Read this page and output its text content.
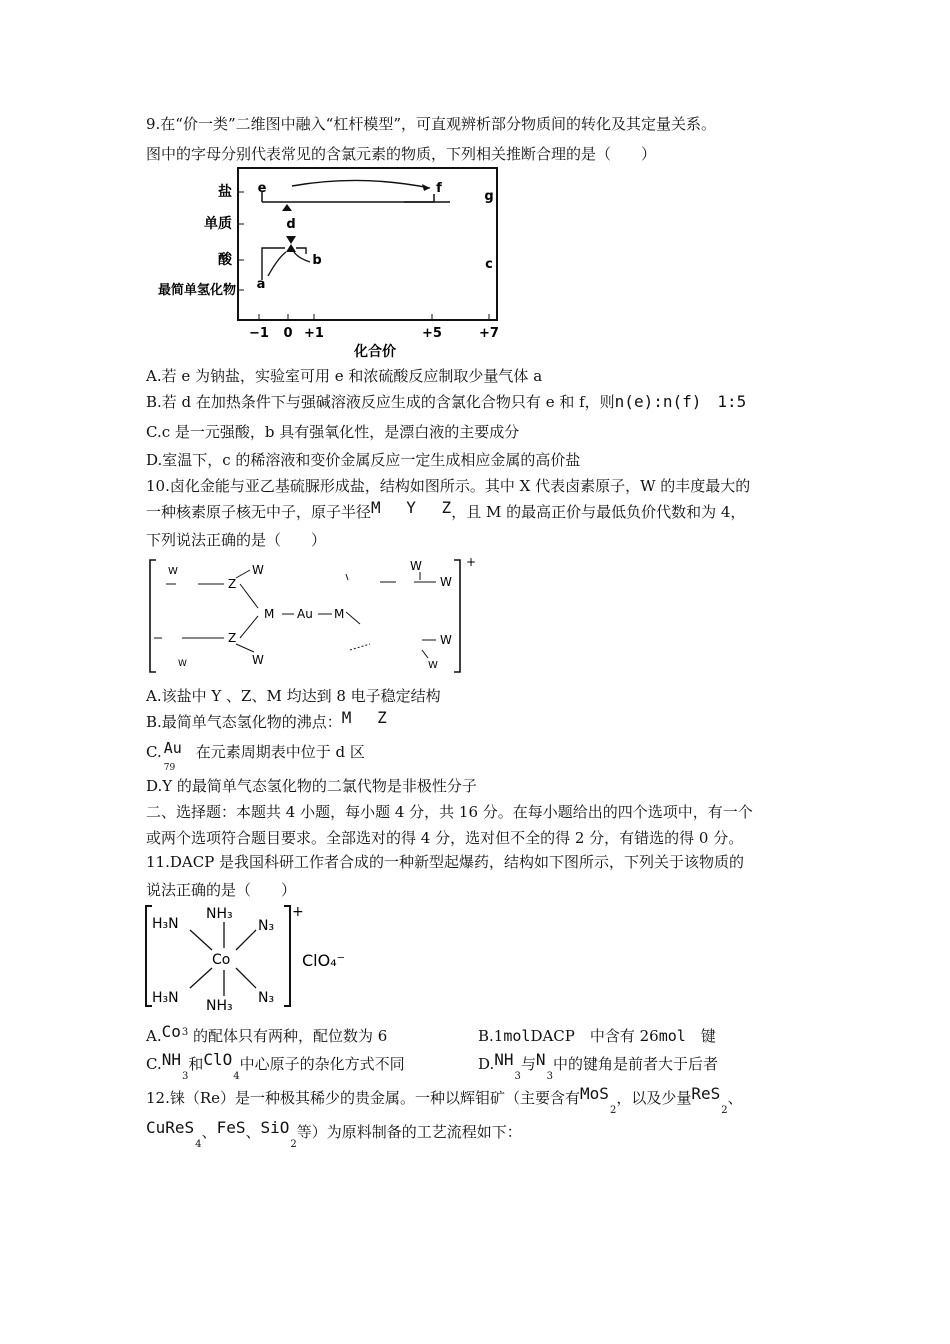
9.在“价一类”二维图中融入“杠杆模型”，可直观辨析部分物质间的转化及其定量关系。
图中的字母分别代表常见的含氯元素的物质，下列相关推断合理的是（　　）
盐
单质
酸
最简单氢化物
−1 0 +1	+5	+7
化合价
e	f
g
d
b	c
a
A.若 e 为钠盐，实验室可用 e 和浓硫酸反应制取少量气体 a
B.若 d 在加热条件下与强碱溶液反应生成的含氯化合物只有 e 和 f，则n(e):n(f)　1:5
C.c 是一元强酸，b 具有强氧化性，是漂白液的主要成分
D.室温下，c 的稀溶液和变价金属反应一定生成相应金属的高价盐
10.卤化金能与亚乙基硫脲形成盐，结构如图所示。其中 X 代表卤素原子，W 的丰度最大的
一种核素原子核无中子，原子半径M　 Y　 Z，且 M 的最高正价与最低负价代数和为 4，
下列说法正确的是（　　）
+
W
W
Z
M Au M
W
W
Z
W
W
W
W
A.该盐中 Y 、Z、M 均达到 8 电子稳定结构
B.最简单气态氢化物的沸点：M　 Z
C. Au
79
在元素周期表中位于 d 区
D.Y 的最简单气态氢化物的二氯代物是非极性分子
二、选择题：本题共 4 小题，每小题 4 分，共 16 分。在每小题给出的四个选项中，有一个
或两个选项符合题目要求。全部选对的得 4 分，选对但不全的得 2 分，有错选的得 0 分。
11.DACP 是我国科研工作者合成的一种新型起爆药，结构如下图所示，下列关于该物质的
说法正确的是（　　）
+
H₃N
NH₃
N₃
Co
H₃N NH₃ N₃
ClO₄⁻
A.Co$^3$ 的配体只有两种，配位数为 6	B.1molDACP　中含有 26mol　键
$C.NH_3$和ClO$_4$中心原子的杂化方式不同	$D.NH_3$与$N_3$中的键角是前者大于后者
12.铼（Re）是一种极其稀少的贵金属。一种以辉钼矿（主要含有MoS$_2$，以及少量ReS$_2$、
CuReS$_4$、FeS、SiO$_2$等）为原料制备的工艺流程如下：
